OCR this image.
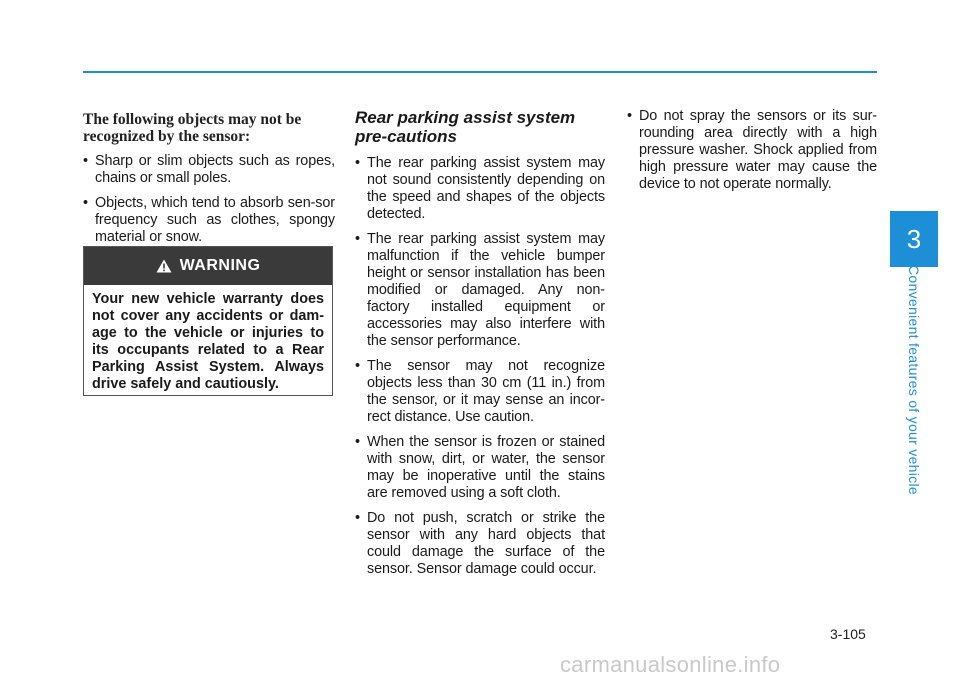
The following objects may not be recognized by the sensor:

• Sharp or slim objects such as ropes, chains or small poles.
• Objects, which tend to absorb sen-sor frequency such as clothes, spongy material or snow.
WARNING
Your new vehicle warranty does not cover any accidents or dam-age to the vehicle or injuries to its occupants related to a Rear Parking Assist System. Always drive safely and cautiously.
Rear parking assist system pre-cautions
• The rear parking assist system may not sound consistently depending on the speed and shapes of the objects detected.
• The rear parking assist system may malfunction if the vehicle bumper height or sensor installation has been modified or damaged. Any non-factory installed equipment or accessories may also interfere with the sensor performance.
• The sensor may not recognize objects less than 30 cm (11 in.) from the sensor, or it may sense an incor-rect distance. Use caution.
• When the sensor is frozen or stained with snow, dirt, or water, the sensor may be inoperative until the stains are removed using a soft cloth.
• Do not push, scratch or strike the sensor with any hard objects that could damage the surface of the sensor. Sensor damage could occur.
• Do not spray the sensors or its sur-rounding area directly with a high pressure washer. Shock applied from high pressure water may cause the device to not operate normally.
3
Convenient features of your vehicle
3-105
carmanualsonline.info
